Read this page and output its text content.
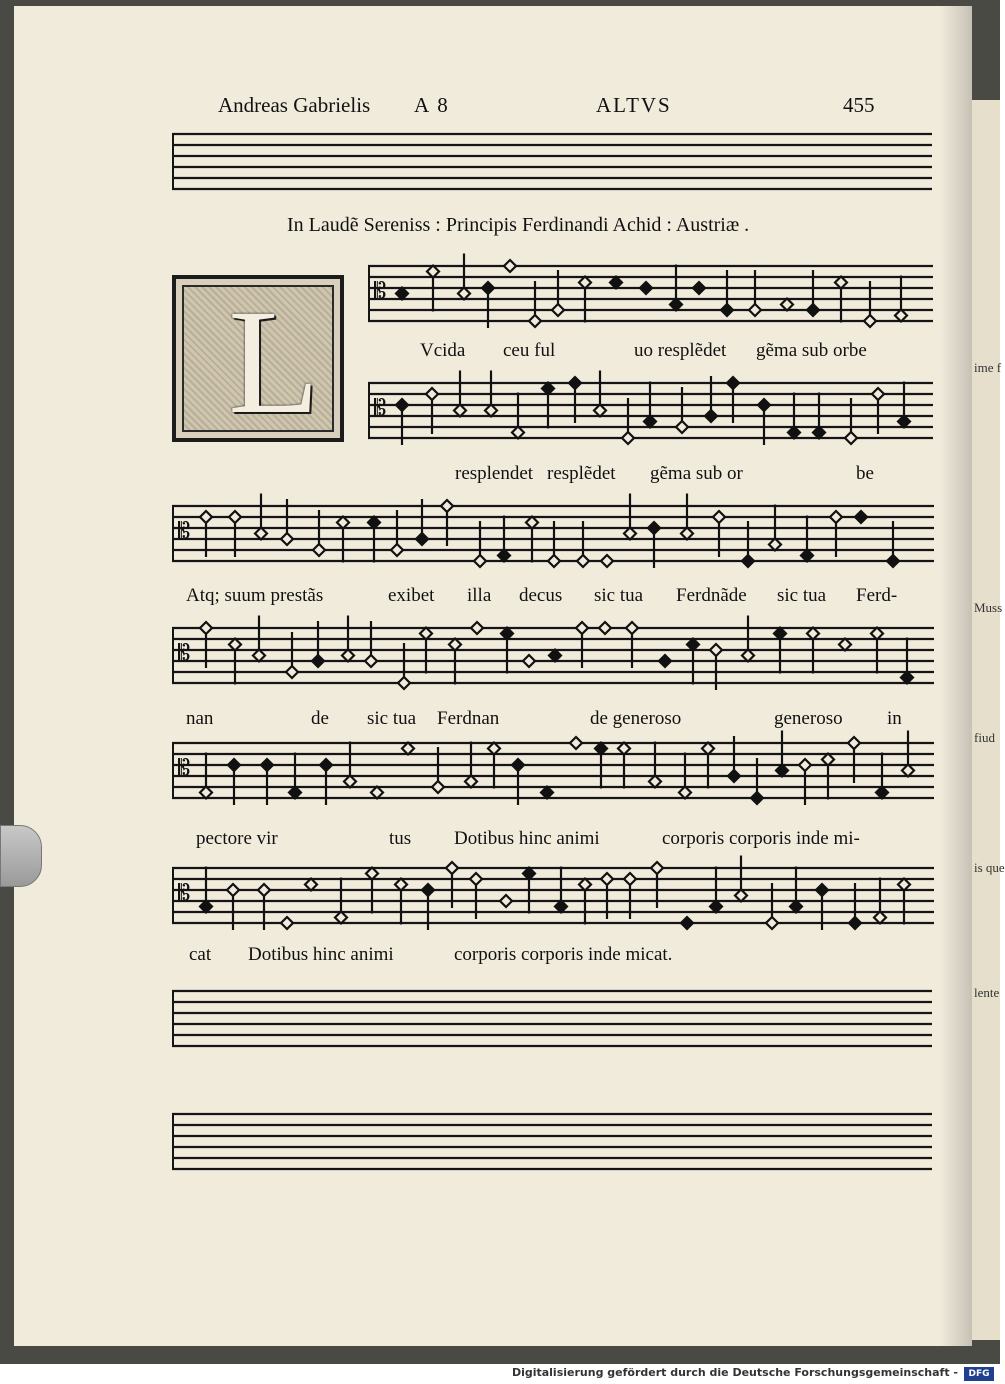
ime f
Muss
fiud
is que
lente
Andreas Gabrielis A 8	ALTVS	455
In Laudẽ Sereniss : Principis Ferdinandi Achid : Austriæ .
L 𝄡
𝄡
𝄡
𝄡
𝄡
𝄡
Vcida ceu ful	uo resplẽdet gẽma sub orbe
resplendet resplẽdet gẽma sub or	be
Atq; suum prestãs	exibet illa decus sic tua Ferdnãde sic tua Ferd-
nan	de sic tua Ferdnan	de generoso	generoso in
pectore vir	tus Dotibus hinc animi	corporis corporis inde mi-
cat Dotibus hinc animi	corporis corporis inde micat.
Digitalisierung gefördert durch die Deutsche Forschungsgemeinschaft -	DFG
